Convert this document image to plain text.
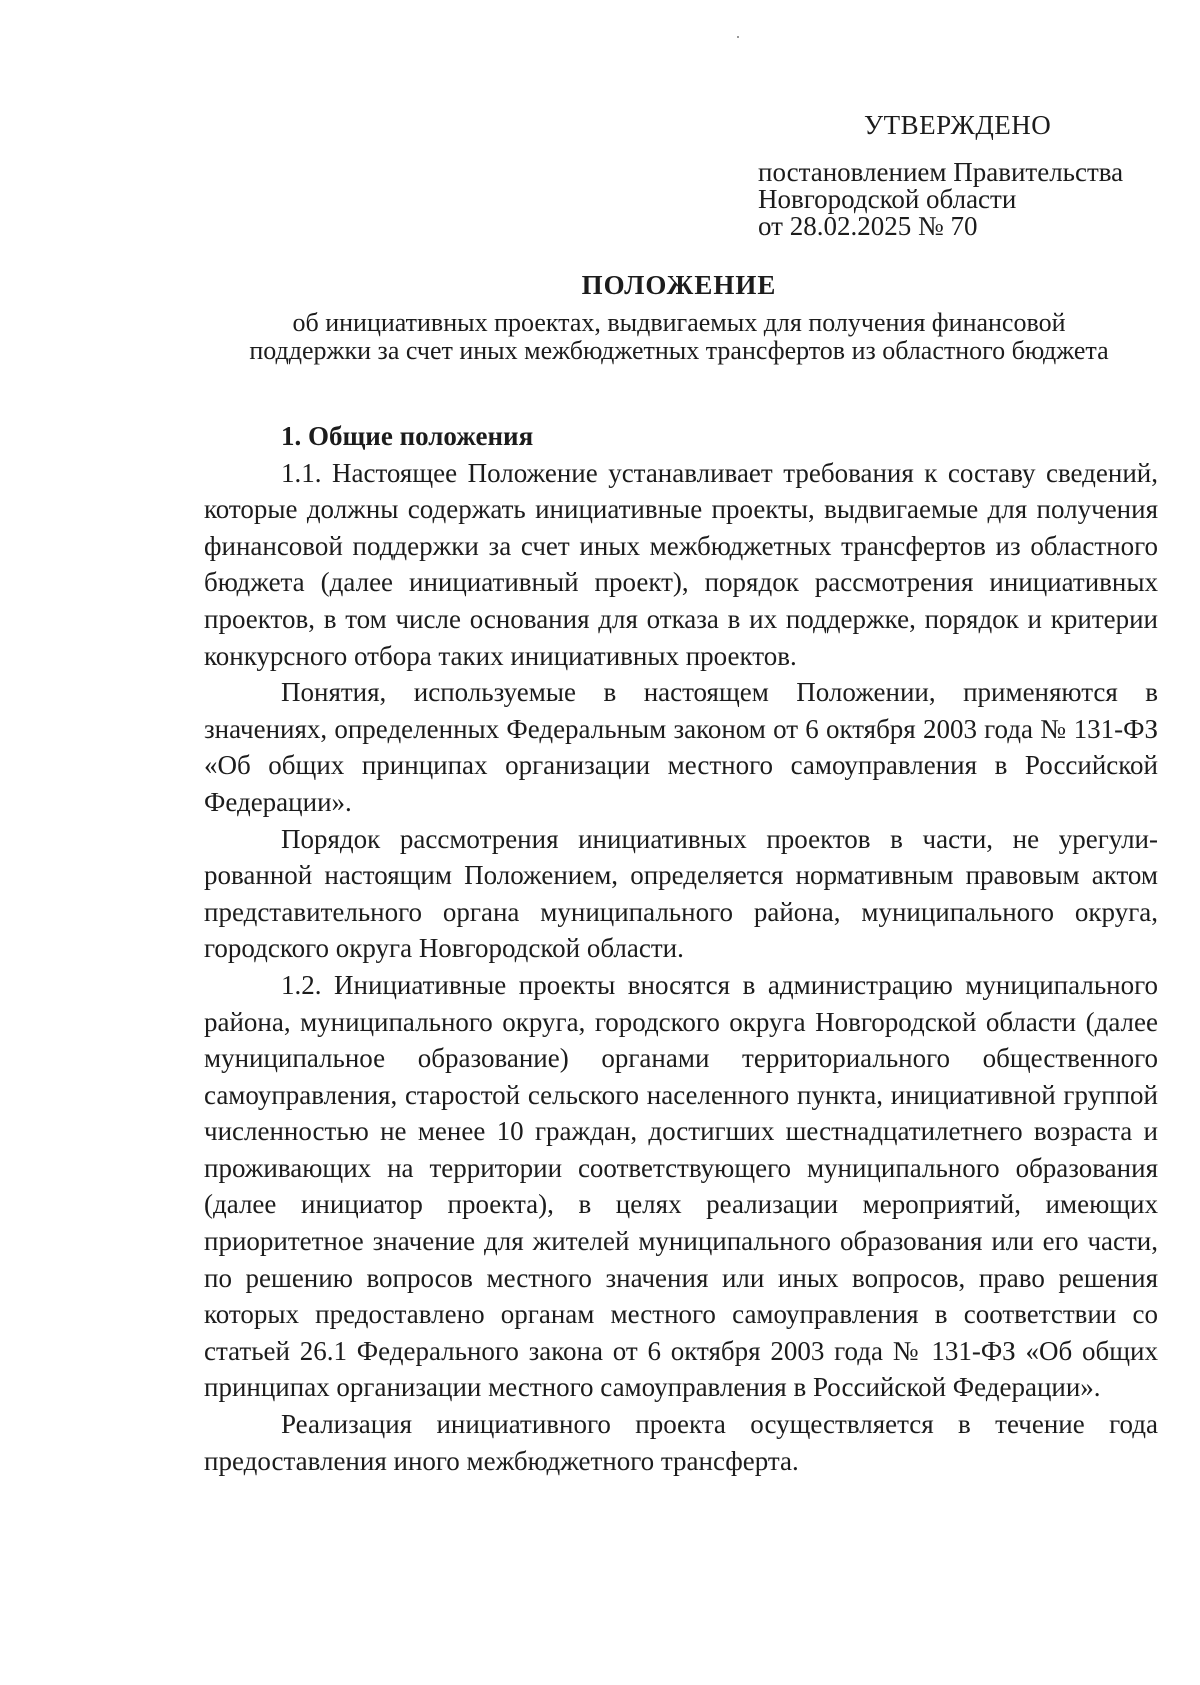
УТВЕРЖДЕНО
постановлением Правительства
Новгородской области
от 28.02.2025 № 70
ПОЛОЖЕНИЕ
об инициативных проектах, выдвигаемых для получения финансовой
поддержки за счет иных межбюджетных трансфертов из областного бюджета
1. Общие положения

1.1. Настоящее Положение устанавливает требования к составу сведений, которые должны содержать инициативные проекты, выдвигаемые для получения финансовой поддержки за счет иных межбюджетных трансфертов из областного бюджета (далее инициативный проект), порядок рассмотрения инициативных проектов, в том числе основания для отказа в их поддержке, порядок и критерии конкурсного отбора таких инициативных проектов.

Понятия, используемые в настоящем Положении, применяются в значениях, определенных Федеральным законом от 6 октября 2003 года № 131-ФЗ «Об общих принципах организации местного самоуправления в Российской Федерации».

Порядок рассмотрения инициативных проектов в части, не урегули-рованной настоящим Положением, определяется нормативным правовым актом представительного органа муниципального района, муниципального округа, городского округа Новгородской области.

1.2. Инициативные проекты вносятся в администрацию муниципального района, муниципального округа, городского округа Новгородской области (далее муниципальное образование) органами территориального общественного самоуправления, старостой сельского населенного пункта, инициативной группой численностью не менее 10 граждан, достигших шестнадцатилетнего возраста и проживающих на территории соответствующего муниципального образования (далее инициатор проекта), в целях реализации мероприятий, имеющих приоритетное значение для жителей муниципального образования или его части, по решению вопросов местного значения или иных вопросов, право решения которых предоставлено органам местного самоуправления в соответствии со статьей 26.1 Федерального закона от 6 октября 2003 года № 131-ФЗ «Об общих принципах организации местного самоуправления в Российской Федерации».

Реализация инициативного проекта осуществляется в течение года предоставления иного межбюджетного трансферта.
